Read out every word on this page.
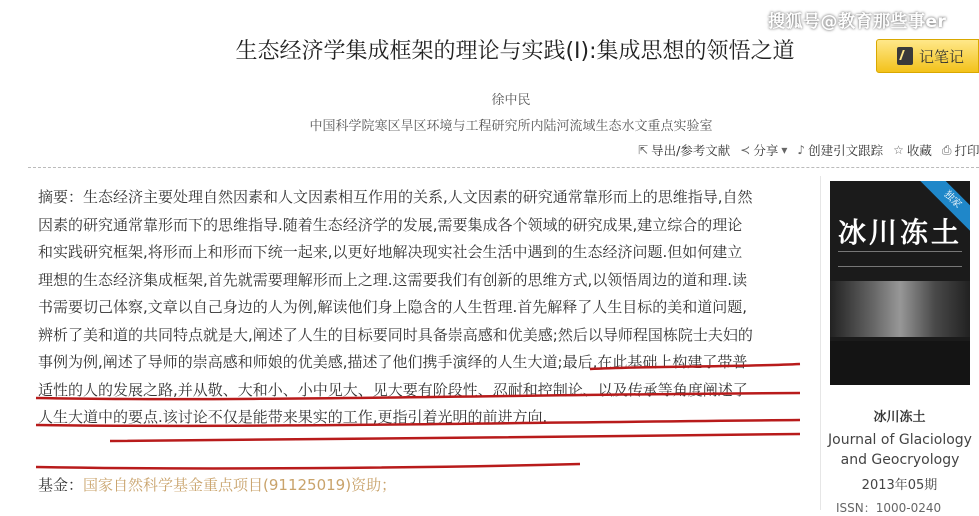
搜狐号@教育那些事er
生态经济学集成框架的理论与实践(I):集成思想的领悟之道	记笔记
徐中民
中国科学院寒区旱区环境与工程研究所内陆河流域生态水文重点实验室
⇱ 导出/参考文献 ≺ 分享 ▾ ♪ 创建引文跟踪 ☆ 收藏 ⎙ 打印
摘要：生态经济主要处理自然因素和人文因素相互作用的关系,人文因素的研究通常靠形而上的思维指导,自然
因素的研究通常靠形而下的思维指导.随着生态经济学的发展,需要集成各个领域的研究成果,建立综合的理论
和实践研究框架,将形而上和形而下统一起来,以更好地解决现实社会生活中遇到的生态经济问题.但如何建立
理想的生态经济集成框架,首先就需要理解形而上之理.这需要我们有创新的思维方式,以领悟周边的道和理.读
书需要切己体察,文章以自己身边的人为例,解读他们身上隐含的人生哲理.首先解释了人生目标的美和道问题,
辨析了美和道的共同特点就是大,阐述了人生的目标要同时具备崇高感和优美感;然后以导师程国栋院士夫妇的
事例为例,阐述了导师的崇高感和师娘的优美感,描述了他们携手演绎的人生大道;最后,在此基础上构建了带普
适性的人的发展之路,并从敬、大和小、小中见大、见大要有阶段性、忍耐和控制论、以及传承等角度阐述了
人生大道中的要点.该讨论不仅是能带来果实的工作,更指引着光明的前进方向.
基金：国家自然科学基金重点项目(91125019)资助；
独家
冰川冻土
冰川冻土
Journal of Glaciology and Geocryology
2013年05期
ISSN：1000-0240
